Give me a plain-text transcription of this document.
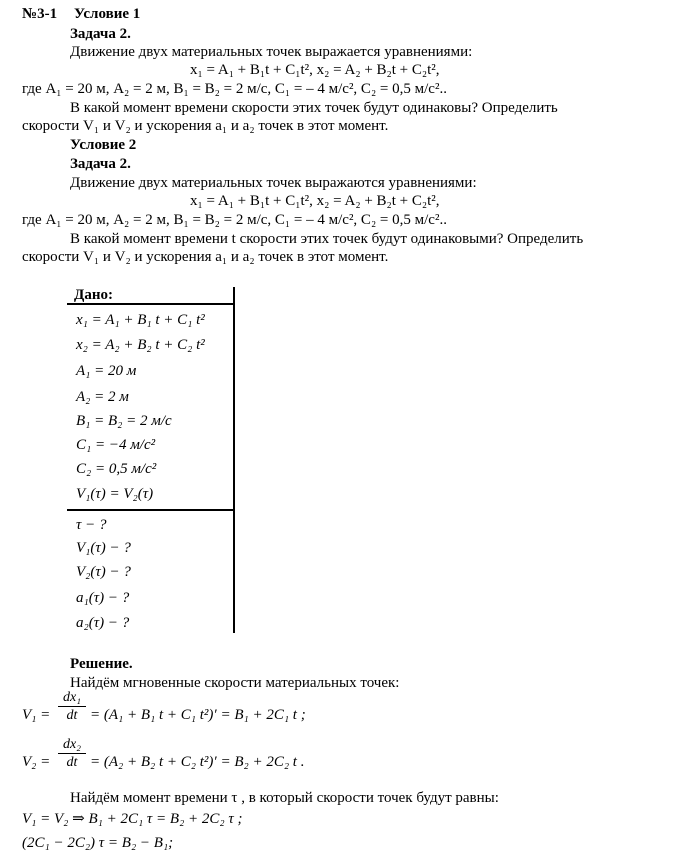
№3-1 Условие 1
Задача 2.
Движение двух материальных точек выражается уравнениями:
x₁ = A₁ + B₁t + C₁t², x₂ = A₂ + B₂t + C₂t²,
где A₁ = 20 м, A₂ = 2 м, B₁ = B₂ = 2 м/с, C₁ = – 4 м/с², C₂ = 0,5 м/с²..
В какой момент времени скорости этих точек будут одинаковы? Определить
скорости V₁ и V₂ и ускорения a₁ и a₂ точек в этот момент.
Условие 2
Задача 2.
Движение двух материальных точек выражаются уравнениями:
x₁ = A₁ + B₁t + C₁t², x₂ = A₂ + B₂t + C₂t²,
где A₁ = 20 м, A₂ = 2 м, B₁ = B₂ = 2 м/с, C₁ = – 4 м/с², C₂ = 0,5 м/с²..
В какой момент времени t скорости этих точек будут одинаковыми? Определить
скорости V₁ и V₂ и ускорения a₁ и a₂ точек в этот момент.
Дано:
x₁ = A₁ + B₁ t + C₁ t²
x₂ = A₂ + B₂ t + C₂ t²
A₁ = 20 м
A₂ = 2 м
B₁ = B₂ = 2 м/с
C₁ = −4 м/с²
C₂ = 0,5 м/с²
V₁(τ) = V₂(τ)
τ − ?
V₁(τ) − ?
V₂(τ) − ?
a₁(τ) − ?
a₂(τ) − ?
Решение.
Найдём мгновенные скорости материальных точек:
$V_1 = \frac{\text{dx₁}}{dt} = (A_1 + B_1$ t + C₁ t²)′ = B₁ + 2C₁ t ;
$V_2 = \frac{\text{dx₂}}{dt} = (A_2 + B_2$ t + C₂ t²)′ = B₂ + 2C₂ t .
Найдём момент времени τ , в который скорости точек будут равны:
V₁ = V₂ ⇒ B₁ + 2C₁ τ = B₂ + 2C₂ τ ;
(2C₁ − 2C₂) τ = B₂ − B₁;
